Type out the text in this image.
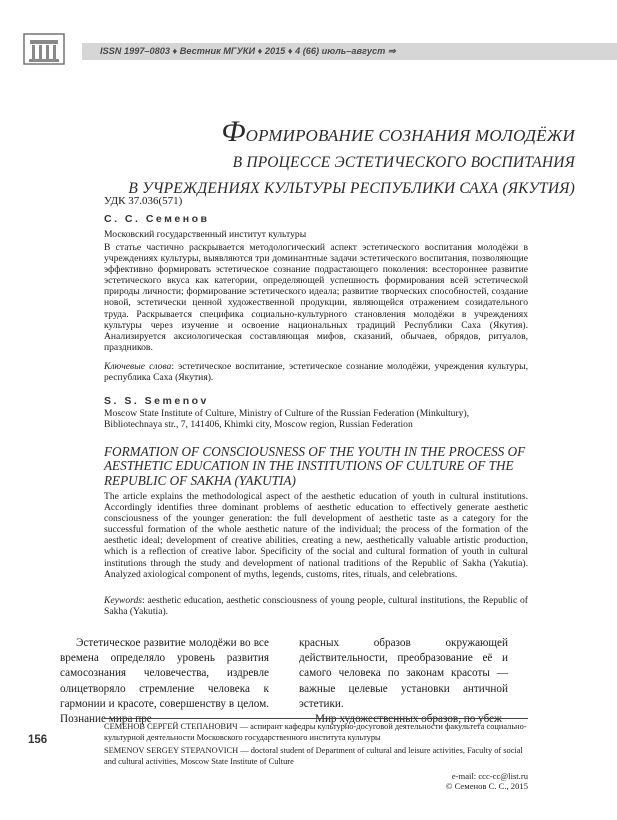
ISSN 1997–0803 ♦ Вестник МГУКИ ♦ 2015 ♦ 4 (66) июль–август ⇒
ФОРМИРОВАНИЕ СОЗНАНИЯ МОЛОДЁЖИ
В ПРОЦЕССЕ ЭСТЕТИЧЕСКОГО ВОСПИТАНИЯ
В УЧРЕЖДЕНИЯХ КУЛЬТУРЫ РЕСПУБЛИКИ САХА (ЯКУТИЯ)
УДК 37.036(571)
С. С. Семенов
Московский государственный институт культуры
В статье частично раскрывается методологический аспект эстетического воспитания молодёжи в учреждениях культуры, выявляются три доминантные задачи эстетического воспитания, позволяющие эффективно формировать эстетическое сознание подрастающего поколения: всестороннее развитие эстетического вкуса как категории, определяющей успешность формирования всей эстетической природы личности; формирование эстетического идеала; развитие творческих способностей, создание новой, эстетически ценной художественной продукции, являющейся отражением созидательного труда. Раскрывается специфика социально-культурного становления молодёжи в учреждениях культуры через изучение и освоение национальных традиций Республики Саха (Якутия). Анализируется аксиологическая составляющая мифов, сказаний, обычаев, обрядов, ритуалов, праздников.
Ключевые слова: эстетическое воспитание, эстетическое сознание молодёжи, учреждения культуры, республика Саха (Якутия).
S. S. Semenov
Moscow State Institute of Culture, Ministry of Culture of the Russian Federation (Minkultury),
Bibliotechnaya str., 7, 141406, Khimki city, Moscow region, Russian Federation
FORMATION OF CONSCIOUSNESS OF THE YOUTH IN THE PROCESS OF AESTHETIC EDUCATION IN THE INSTITUTIONS OF CULTURE OF THE REPUBLIC OF SAKHA (YAKUTIA)
The article explains the methodological aspect of the aesthetic education of youth in cultural institutions. Accordingly identifies three dominant problems of aesthetic education to effectively generate aesthetic consciousness of the younger generation: the full development of aesthetic taste as a category for the successful formation of the whole aesthetic nature of the individual; the process of the formation of the aesthetic ideal; development of creative abilities, creating a new, aesthetically valuable artistic production, which is a reflection of creative labor. Specificity of the social and cultural formation of youth in cultural institutions through the study and development of national traditions of the Republic of Sakha (Yakutia). Analyzed axiological component of myths, legends, customs, rites, rituals, and celebrations.
Keywords: aesthetic education, aesthetic consciousness of young people, cultural institutions, the Republic of Sakha (Yakutia).
Эстетическое развитие молодёжи во все времена определяло уровень развития самосознания человечества, издревле олицетворяло стремление человека к гармонии и красоте, совершенству в целом. Познание мира пре
красных образов окружающей действительности, преобразование её и самого человека по законам красоты — важные целевые установки античной эстетики.
Мир художественных образов, по убеж
156
СЕМЕНОВ СЕРГЕЙ СТЕПАНОВИЧ — аспирант кафедры культурно-досуговой деятельности факультета социально-культурной деятельности Московского государственного института культуры
SEMENOV SERGEY STEPANOVICH — doctoral student of Department of cultural and leisure activities, Faculty of social and cultural activities, Moscow State Institute of Culture
e-mail: ccc-cc@list.ru
© Семенов С. С., 2015
